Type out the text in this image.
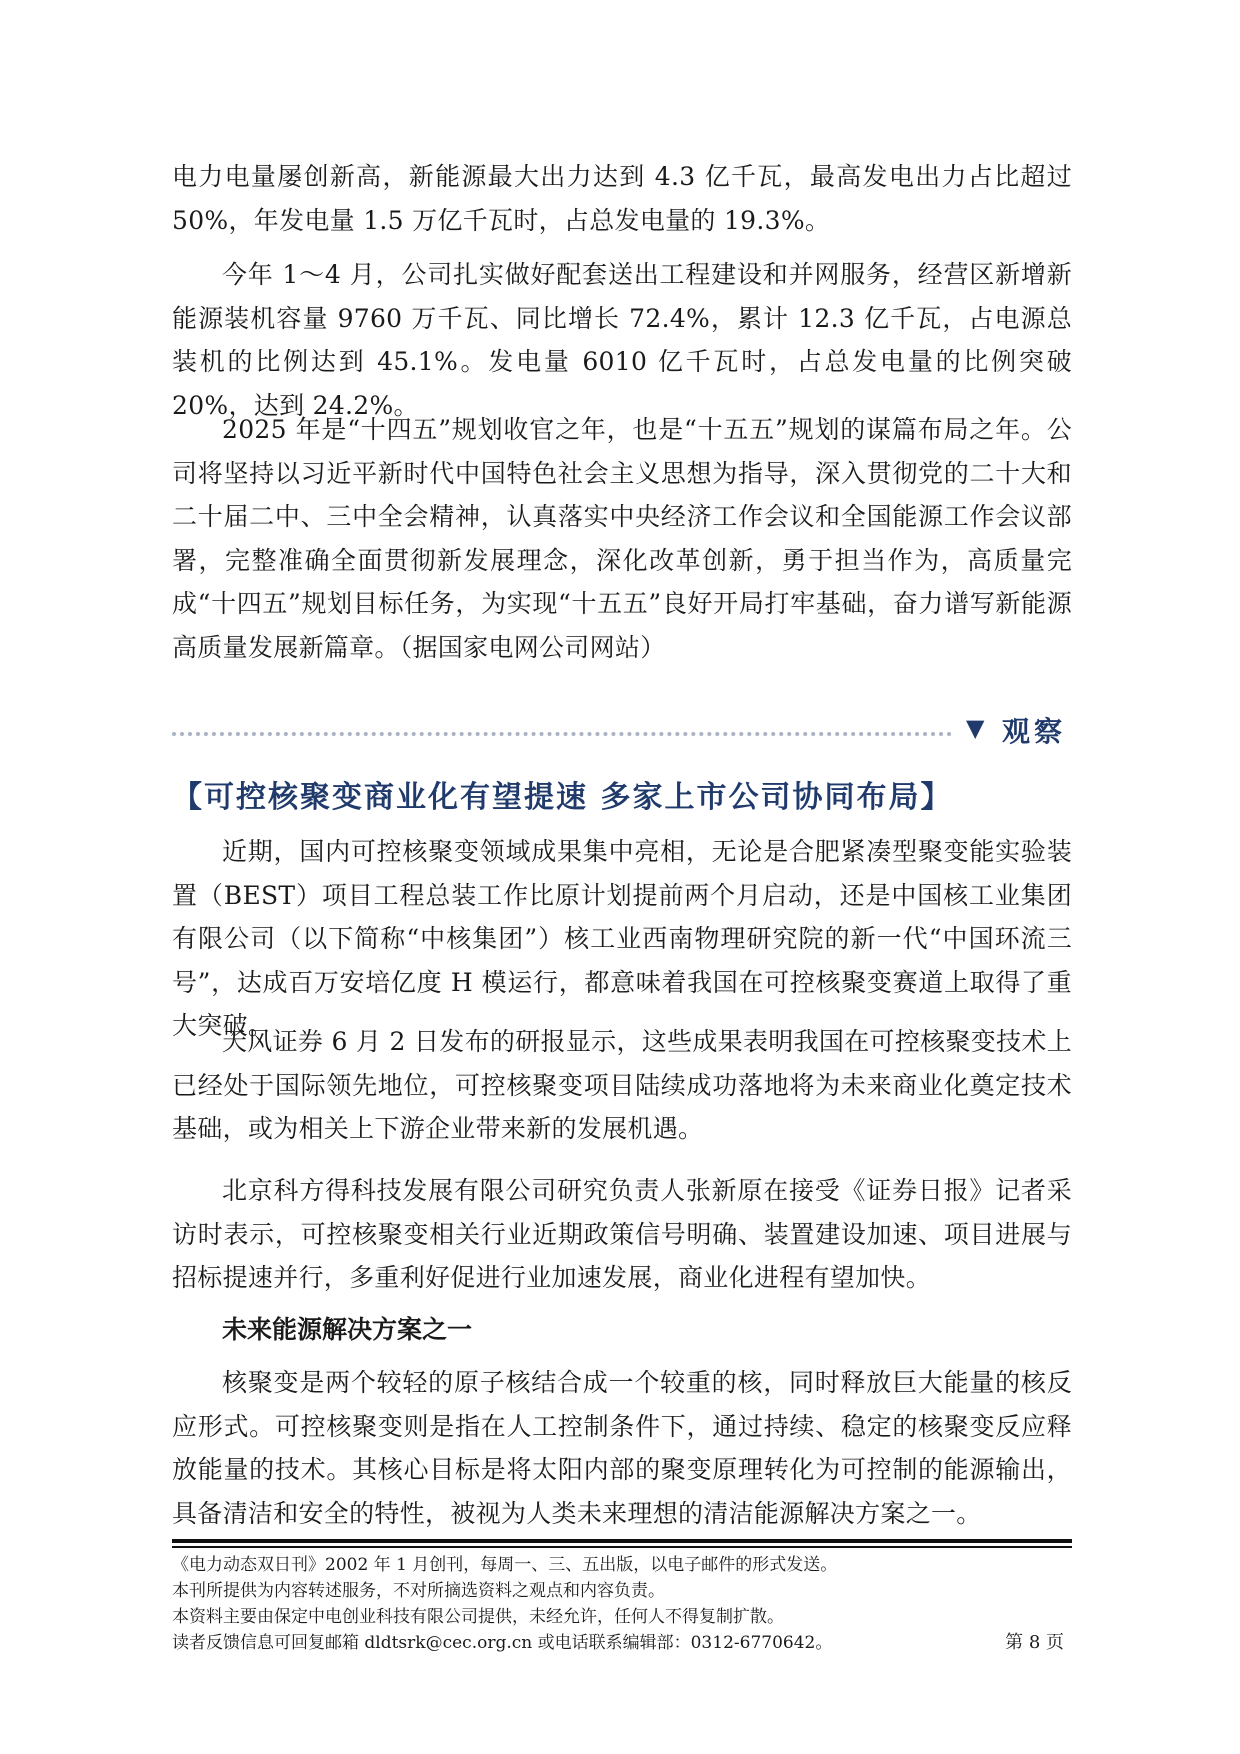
电力电量屡创新高，新能源最大出力达到 4.3 亿千瓦，最高发电出力占比超过 50%，年发电量 1.5 万亿千瓦时，占总发电量的 19.3%。

今年 1～4 月，公司扎实做好配套送出工程建设和并网服务，经营区新增新能源装机容量 9760 万千瓦、同比增长 72.4%，累计 12.3 亿千瓦，占电源总装机的比例达到 45.1%。发电量 6010 亿千瓦时，占总发电量的比例突破 20%，达到 24.2%。

2025 年是“十四五”规划收官之年，也是“十五五”规划的谋篇布局之年。公司将坚持以习近平新时代中国特色社会主义思想为指导，深入贯彻党的二十大和二十届二中、三中全会精神，认真落实中央经济工作会议和全国能源工作会议部署，完整准确全面贯彻新发展理念，深化改革创新，勇于担当作为，高质量完成“十四五”规划目标任务，为实现“十五五”良好开局打牢基础，奋力谱写新能源高质量发展新篇章。（据国家电网公司网站）

▼ 观察
【可控核聚变商业化有望提速 多家上市公司协同布局】

近期，国内可控核聚变领域成果集中亮相，无论是合肥紧凑型聚变能实验装置（BEST）项目工程总装工作比原计划提前两个月启动，还是中国核工业集团有限公司（以下简称“中核集团”）核工业西南物理研究院的新一代“中国环流三号”，达成百万安培亿度 H 模运行，都意味着我国在可控核聚变赛道上取得了重大突破。

天风证券 6 月 2 日发布的研报显示，这些成果表明我国在可控核聚变技术上已经处于国际领先地位，可控核聚变项目陆续成功落地将为未来商业化奠定技术基础，或为相关上下游企业带来新的发展机遇。

北京科方得科技发展有限公司研究负责人张新原在接受《证券日报》记者采访时表示，可控核聚变相关行业近期政策信号明确、装置建设加速、项目进展与招标提速并行，多重利好促进行业加速发展，商业化进程有望加快。

未来能源解决方案之一

核聚变是两个较轻的原子核结合成一个较重的核，同时释放巨大能量的核反应形式。可控核聚变则是指在人工控制条件下，通过持续、稳定的核聚变反应释放能量的技术。其核心目标是将太阳内部的聚变原理转化为可控制的能源输出，具备清洁和安全的特性，被视为人类未来理想的清洁能源解决方案之一。

《电力动态双日刊》2002 年 1 月创刊，每周一、三、五出版，以电子邮件的形式发送。
本刊所提供为内容转述服务，不对所摘选资料之观点和内容负责。
本资料主要由保定中电创业科技有限公司提供，未经允许，任何人不得复制扩散。
读者反馈信息可回复邮箱 dldtsrk@cec.org.cn 或电话联系编辑部：0312-6770642。	第 8 页
